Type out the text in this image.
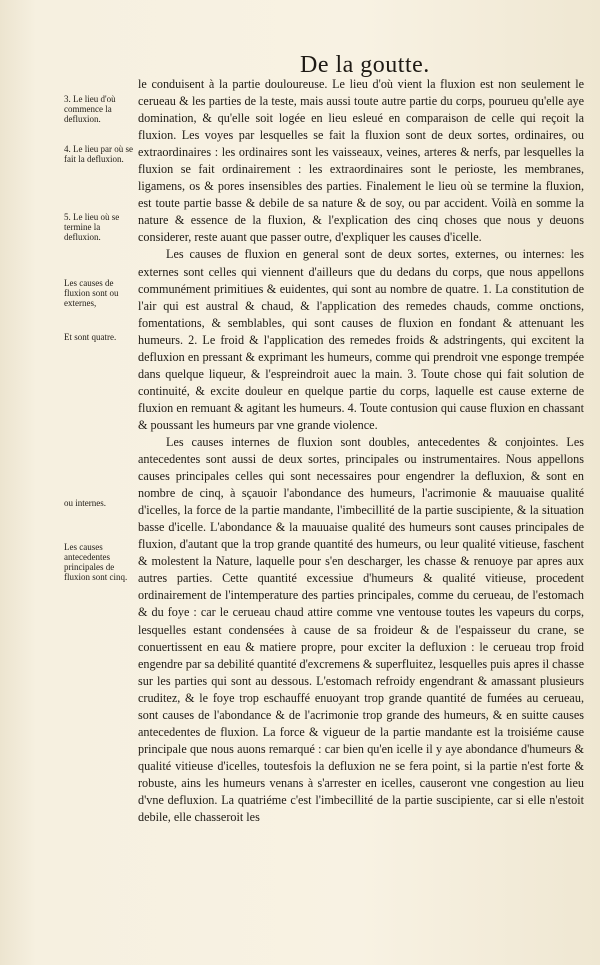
De la goutte.
3. Le lieu d'où commence la defluxion.
4. Le lieu par où se fait la defluxion.
5. Le lieu où se termine la defluxion.
Les causes de fluxion sont ou externes,
Et sont quatre.
ou internes.
Les causes antecedentes principales de fluxion sont cinq.

le conduisent à la partie douloureuse. Le lieu d'où vient la fluxion est non seulement le cerueau & les parties de la teste, mais aussi toute autre partie du corps, pourueu qu'elle aye domination, & qu'elle soit logée en lieu esleué en comparaison de celle qui reçoit la fluxion. Les voyes par lesquelles se fait la fluxion sont de deux sortes, ordinaires, ou extraordinaires : les ordinaires sont les vaisseaux, veines, arteres & nerfs, par lesquelles la fluxion se fait ordinairement : les extraordinaires sont le perioste, les membranes, ligamens, os & pores insensibles des parties. Finalement le lieu où se termine la fluxion, est toute partie basse & debile de sa nature & de soy, ou par accident. Voilà en somme la nature & essence de la fluxion, & l'explication des cinq choses que nous y deuons considerer, reste auant que passer outre, d'expliquer les causes d'icelle.

Les causes de fluxion en general sont de deux sortes, externes, ou internes: les externes sont celles qui viennent d'ailleurs que du dedans du corps, que nous appellons communément primitiues & euidentes, qui sont au nombre de quatre. 1. La constitution de l'air qui est austral & chaud, & l'application des remedes chauds, comme onctions, fomentations, & semblables, qui sont causes de fluxion en fondant & attenuant les humeurs. 2. Le froid & l'application des remedes froids & adstringents, qui excitent la defluxion en pressant & exprimant les humeurs, comme qui prendroit vne esponge trempée dans quelque liqueur, & l'espreindroit auec la main. 3. Toute chose qui fait solution de continuité, & excite douleur en quelque partie du corps, laquelle est cause externe de fluxion en remuant & agitant les humeurs. 4. Toute contusion qui cause fluxion en chassant & poussant les humeurs par vne grande violence.

Les causes internes de fluxion sont doubles, antecedentes & conjointes. Les antecedentes sont aussi de deux sortes, principales ou instrumentaires. Nous appellons causes principales celles qui sont necessaires pour engendrer la defluxion, & sont en nombre de cinq, à sçauoir l'abondance des humeurs, l'acrimonie & mauuaise qualité d'icelles, la force de la partie mandante, l'imbecillité de la partie suscipiente, & la situation basse d'icelle. L'abondance & la mauuaise qualité des humeurs sont causes principales de fluxion, d'autant que la trop grande quantité des humeurs, ou leur qualité vitieuse, faschent & molestent la Nature, laquelle pour s'en descharger, les chasse & renuoye par apres aux autres parties. Cette quantité excessiue d'humeurs & qualité vitieuse, procedent ordinairement de l'intemperature des parties principales, comme du cerueau, de l'estomach & du foye : car le cerueau chaud attire comme vne ventouse toutes les vapeurs du corps, lesquelles estant condensées à cause de sa froideur & de l'espaisseur du crane, se conuertissent en eau & matiere propre, pour exciter la defluxion : le cerueau trop froid engendre par sa debilité quantité d'excremens & superfluitez, lesquelles puis apres il chasse sur les parties qui sont au dessous. L'estomach refroidy engendrant & amassant plusieurs cruditez, & le foye trop eschauffé enuoyant trop grande quantité de fumées au cerueau, sont causes de l'abondance & de l'acrimonie trop grande des humeurs, & en suitte causes antecedentes de fluxion. La force & vigueur de la partie mandante est la troisiéme cause principale que nous auons remarqué : car bien qu'en icelle il y aye abondance d'humeurs & qualité vitieuse d'icelles, toutesfois la defluxion ne se fera point, si la partie n'est forte & robuste, ains les humeurs venans à s'arrester en icelles, causeront vne congestion au lieu d'vne defluxion. La quatriéme c'est l'imbecillité de la partie suscipiente, car si elle n'estoit debile, elle chasseroit les
